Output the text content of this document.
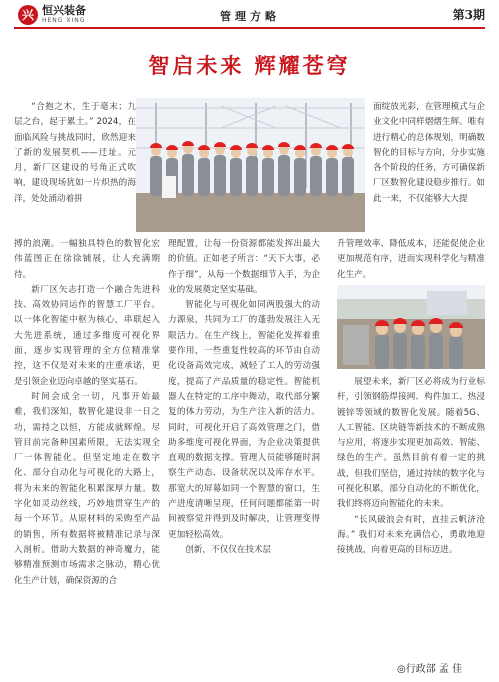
兴 恒兴装备
HENG XING	管理方略	第3期
智启未来 辉耀苍穹

“合抱之木，生于毫末；九层之台，起于累土。” 2024，在面临风险与挑战同时，欣然迎来了新的发展契机——迁址。元月，新厂区建设的号角正式吹响，建设现场犹如一片炽热的海洋，处处涌动着拼

搏的浪潮。一幅独具特色的数智化宏伟蓝图正在徐徐铺展，让人充满期待。

新厂区矢志打造一个融合先进科技、高效协同运作的智慧工厂平台。以一体化智能中枢为核心，串联起入大先进系统，通过多维度可视化界面，逐步实现管理的全方位精准掌控，这不仅是对未来的庄重承诺，更是引领企业迈向卓越的坚实基石。

时间会成全一切，凡事开始最难，我们深知，数智化建设非一日之功，需持之以恒，方能成就辉煌。尽管目前完备种国素所限，无法实现全厂一体智能化。但坚定地走在数字化、部分自动化与可视化的大路上，将为未来的智能化积累深厚力量。数字化如灵动丝线，巧妙地贯穿生产的每一个环节。从原材料的采购至产品的销售，所有数据将被精准记录与深入剖析。借助大数据的神奇魔力，能够精准预测市场需求之脉动，精心优化生产计划，确保资源的合

理配置，让每一份资源都能发挥出最大的价值。正如老子所言：“天下大事，必作于细”，从每一个数据细节入手，为企业的发展奠定坚实基础。

智能化与可视化如同两股强大的动力源泉，共同为工厂的蓬勃发展注入无限活力。在生产线上，智能化发挥着重要作用，一些重复性较高的环节由自动化设备高效完成，减轻了工人的劳动强度，提高了产品质量的稳定性。智能机器人在特定的工序中舞动，取代部分繁复的体力劳动，为生产注入新的活力。同时，可视化开启了高效管理之门，借助多维度可视化界面，为企业决策提供直观的数据支撑。管理人员能够随时洞察生产动态、设备状况以及库存水平。那宽大的屏幕如同一个智慧的窗口，生产进度清晰呈现，任何问题都能第一时间被察觉并得到及时解决，让管理变得更加轻松高效。

创新，不仅仅在技术层

面绽放光彩，在管理模式与企业文化中同样熠熠生辉。唯有进行精心的总体规划，明确数智化的目标与方向，分步实施各个阶段的任务，方可确保新厂区数智化建设稳步推行。如此一来，不仅能够大大提

升管理效率、降低成本，还能促使企业更加规范有序，进而实现科学化与精准化生产。

展望未来，新厂区必将成为行业标杆，引领钢筋焊接网、构件加工、热浸镀锌等领域的数智化发展。随着5G、人工智能、区块链等新技术的不断成熟与应用，将逐步实现更加高效、智能、绿色的生产。虽然目前有着一定的挑战，但我们坚信，通过持续的数字化与可视化积累，部分自动化的不断优化，我们终将迈向智能化的未来。

“长风破浪会有时，直挂云帆济沧海。” 我们对未来充满信心，勇敢地迎接挑战，向着更高的目标迈进。

◎行政部 孟 佳
